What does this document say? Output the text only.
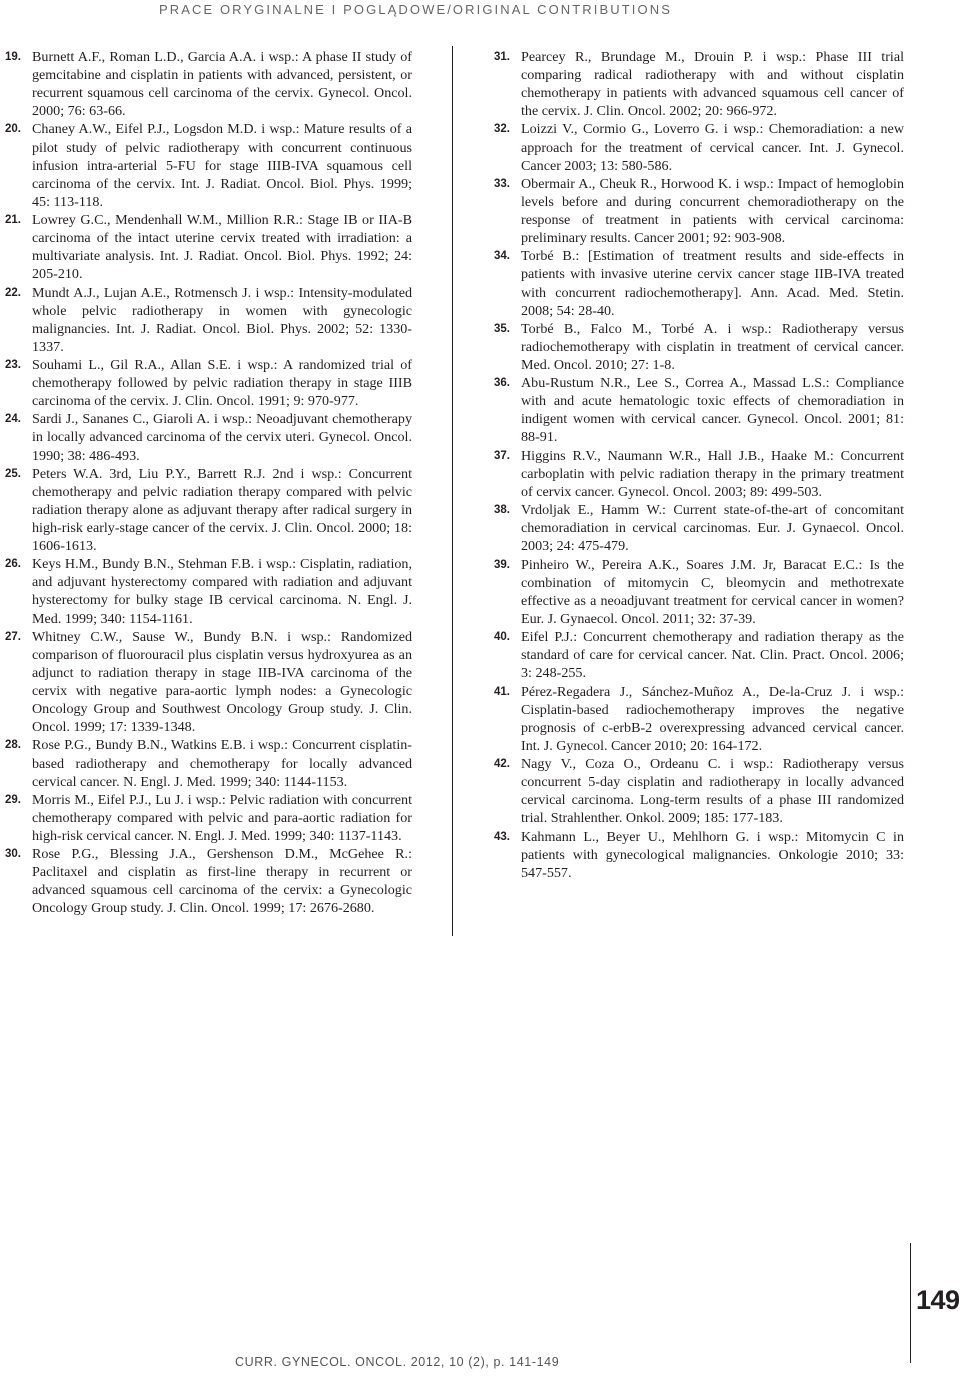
PRACE ORYGINALNE I POGLĄDOWE/ORIGINAL CONTRIBUTIONS
19. Burnett A.F., Roman L.D., Garcia A.A. i wsp.: A phase II study of gemcitabine and cisplatin in patients with advanced, persistent, or recurrent squamous cell carcinoma of the cervix. Gynecol. Oncol. 2000; 76: 63-66.
20. Chaney A.W., Eifel P.J., Logsdon M.D. i wsp.: Mature results of a pilot study of pelvic radiotherapy with concurrent continuous infusion intra-arterial 5-FU for stage IIIB-IVA squamous cell carcinoma of the cervix. Int. J. Radiat. Oncol. Biol. Phys. 1999; 45: 113-118.
21. Lowrey G.C., Mendenhall W.M., Million R.R.: Stage IB or IIA-B carcinoma of the intact uterine cervix treated with irradiation: a multivariate analysis. Int. J. Radiat. Oncol. Biol. Phys. 1992; 24: 205-210.
22. Mundt A.J., Lujan A.E., Rotmensch J. i wsp.: Intensity-modulated whole pelvic radiotherapy in women with gynecologic malignancies. Int. J. Radiat. Oncol. Biol. Phys. 2002; 52: 1330-1337.
23. Souhami L., Gil R.A., Allan S.E. i wsp.: A randomized trial of chemotherapy followed by pelvic radiation therapy in stage IIIB carcinoma of the cervix. J. Clin. Oncol. 1991; 9: 970-977.
24. Sardi J., Sananes C., Giaroli A. i wsp.: Neoadjuvant chemotherapy in locally advanced carcinoma of the cervix uteri. Gynecol. Oncol. 1990; 38: 486-493.
25. Peters W.A. 3rd, Liu P.Y., Barrett R.J. 2nd i wsp.: Concurrent chemotherapy and pelvic radiation therapy compared with pelvic radiation therapy alone as adjuvant therapy after radical surgery in high-risk early-stage cancer of the cervix. J. Clin. Oncol. 2000; 18: 1606-1613.
26. Keys H.M., Bundy B.N., Stehman F.B. i wsp.: Cisplatin, radiation, and adjuvant hysterectomy compared with radiation and adjuvant hysterectomy for bulky stage IB cervical carcinoma. N. Engl. J. Med. 1999; 340: 1154-1161.
27. Whitney C.W., Sause W., Bundy B.N. i wsp.: Randomized comparison of fluorouracil plus cisplatin versus hydroxyurea as an adjunct to radiation therapy in stage IIB-IVA carcinoma of the cervix with negative para-aortic lymph nodes: a Gynecologic Oncology Group and Southwest Oncology Group study. J. Clin. Oncol. 1999; 17: 1339-1348.
28. Rose P.G., Bundy B.N., Watkins E.B. i wsp.: Concurrent cisplatin-based radiotherapy and chemotherapy for locally advanced cervical cancer. N. Engl. J. Med. 1999; 340: 1144-1153.
29. Morris M., Eifel P.J., Lu J. i wsp.: Pelvic radiation with concurrent chemotherapy compared with pelvic and para-aortic radiation for high-risk cervical cancer. N. Engl. J. Med. 1999; 340: 1137-1143.
30. Rose P.G., Blessing J.A., Gershenson D.M., McGehee R.: Paclitaxel and cisplatin as first-line therapy in recurrent or advanced squamous cell carcinoma of the cervix: a Gynecologic Oncology Group study. J. Clin. Oncol. 1999; 17: 2676-2680.
31. Pearcey R., Brundage M., Drouin P. i wsp.: Phase III trial comparing radical radiotherapy with and without cisplatin chemotherapy in patients with advanced squamous cell cancer of the cervix. J. Clin. Oncol. 2002; 20: 966-972.
32. Loizzi V., Cormio G., Loverro G. i wsp.: Chemoradiation: a new approach for the treatment of cervical cancer. Int. J. Gynecol. Cancer 2003; 13: 580-586.
33. Obermair A., Cheuk R., Horwood K. i wsp.: Impact of hemoglobin levels before and during concurrent chemoradiotherapy on the response of treatment in patients with cervical carcinoma: preliminary results. Cancer 2001; 92: 903-908.
34. Torbé B.: [Estimation of treatment results and side-effects in patients with invasive uterine cervix cancer stage IIB-IVA treated with concurrent radiochemotherapy]. Ann. Acad. Med. Stetin. 2008; 54: 28-40.
35. Torbé B., Falco M., Torbé A. i wsp.: Radiotherapy versus radiochemotherapy with cisplatin in treatment of cervical cancer. Med. Oncol. 2010; 27: 1-8.
36. Abu-Rustum N.R., Lee S., Correa A., Massad L.S.: Compliance with and acute hematologic toxic effects of chemoradiation in indigent women with cervical cancer. Gynecol. Oncol. 2001; 81: 88-91.
37. Higgins R.V., Naumann W.R., Hall J.B., Haake M.: Concurrent carboplatin with pelvic radiation therapy in the primary treatment of cervix cancer. Gynecol. Oncol. 2003; 89: 499-503.
38. Vrdoljak E., Hamm W.: Current state-of-the-art of concomitant chemoradiation in cervical carcinomas. Eur. J. Gynaecol. Oncol. 2003; 24: 475-479.
39. Pinheiro W., Pereira A.K., Soares J.M. Jr, Baracat E.C.: Is the combination of mitomycin C, bleomycin and methotrexate effective as a neoadjuvant treatment for cervical cancer in women? Eur. J. Gynaecol. Oncol. 2011; 32: 37-39.
40. Eifel P.J.: Concurrent chemotherapy and radiation therapy as the standard of care for cervical cancer. Nat. Clin. Pract. Oncol. 2006; 3: 248-255.
41. Pérez-Regadera J., Sánchez-Muñoz A., De-la-Cruz J. i wsp.: Cisplatin-based radiochemotherapy improves the negative prognosis of c-erbB-2 overexpressing advanced cervical cancer. Int. J. Gynecol. Cancer 2010; 20: 164-172.
42. Nagy V., Coza O., Ordeanu C. i wsp.: Radiotherapy versus concurrent 5-day cisplatin and radiotherapy in locally advanced cervical carcinoma. Long-term results of a phase III randomized trial. Strahlenther. Onkol. 2009; 185: 177-183.
43. Kahmann L., Beyer U., Mehlhorn G. i wsp.: Mitomycin C in patients with gynecological malignancies. Onkologie 2010; 33: 547-557.
149
CURR. GYNECOL. ONCOL. 2012, 10 (2), p. 141-149
